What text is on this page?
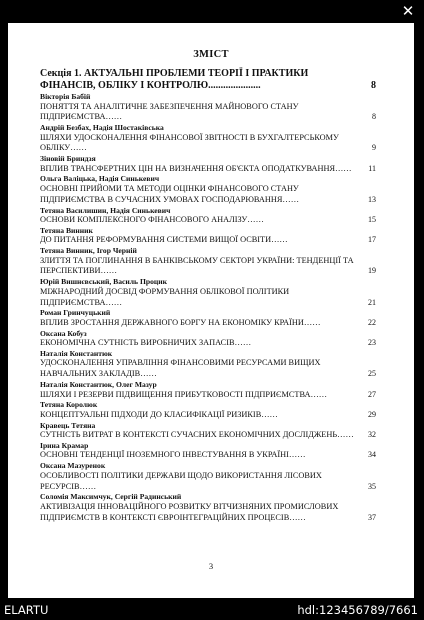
✕
ЗМІСТ
Секція 1. АКТУАЛЬНІ ПРОБЛЕМИ ТЕОРІЇ І ПРАКТИКИ ФІНАНСІВ, ОБЛІКУ І КОНТРОЛЮ.....................	8
Вікторія Бабій
ПОНЯТТЯ ТА АНАЛІТИЧНЕ ЗАБЕЗПЕЧЕННЯ МАЙНОВОГО СТАНУ ПІДПРИЄМСТВА……	8
Андрій Безбах, Надія Шостаківська
ШЛЯХИ УДОСКОНАЛЕННЯ ФІНАНСОВОЇ ЗВІТНОСТІ В БУХГАЛТЕРСЬКОМУ ОБЛІКУ……	9
Зіновій Бриндзя
ВПЛИВ ТРАНСФЕРТНИХ ЦІН НА ВИЗНАЧЕННЯ ОБ'ЄКТА ОПОДАТКУВАННЯ…… 11
Ольга Валіцька, Надія Синькевич
ОСНОВНІ ПРИЙОМИ ТА МЕТОДИ ОЦІНКИ ФІНАНСОВОГО СТАНУ ПІДПРИЄМСТВА В СУЧАСНИХ УМОВАХ ГОСПОДАРЮВАННЯ……	13
Тетяна Василишин, Надія Синькевич
ОСНОВИ КОМПЛЕКСНОГО ФІНАНСОВОГО АНАЛІЗУ……	15
Тетяна Винник
ДО ПИТАННЯ РЕФОРМУВАННЯ СИСТЕМИ ВИЩОЇ ОСВІТИ……	17
Тетяна Винник, Ігор Черній
ЗЛИТТЯ ТА ПОГЛИНАННЯ В БАНКІВСЬКОМУ СЕКТОРІ УКРАЇНИ: ТЕНДЕНЦІЇ ТА ПЕРСПЕКТИВИ……	19
Юрій Вишнєвський, Василь Процик
МІЖНАРОДНИЙ ДОСВІД ФОРМУВАННЯ ОБЛІКОВОЇ ПОЛІТИКИ ПІДПРИЄМСТВА……	21
Роман Гринчуцький
ВПЛИВ ЗРОСТАННЯ ДЕРЖАВНОГО БОРГУ НА ЕКОНОМІКУ КРАЇНИ……	22
Оксана Кобуз
ЕКОНОМІЧНА СУТНІСТЬ ВИРОБНИЧИХ ЗАПАСІВ……	23
Наталія Константюк
УДОСКОНАЛЕННЯ УПРАВЛІННЯ ФІНАНСОВИМИ РЕСУРСАМИ ВИЩИХ НАВЧАЛЬНИХ ЗАКЛАДІВ……	25
Наталія Константюк, Олег Мазур
ШЛЯХИ І РЕЗЕРВИ ПІДВИЩЕННЯ ПРИБУТКОВОСТІ ПІДПРИЄМСТВА……	27
Тетяна Королюк
КОНЦЕПТУАЛЬНІ ПІДХОДИ ДО КЛАСИФІКАЦІЇ РИЗИКІВ……	29
Кравець Тетяна
СУТНІСТЬ ВИТРАТ В КОНТЕКСТІ СУЧАСНИХ ЕКОНОМІЧНИХ ДОСЛІДЖЕНЬ…… 32
Ірина Крамар
ОСНОВНІ ТЕНДЕНЦІЇ ІНОЗЕМНОГО ІНВЕСТУВАННЯ В УКРАЇНІ……	34
Оксана Мазуренок
ОСОБЛИВОСТІ ПОЛІТИКИ ДЕРЖАВИ ЩОДО ВИКОРИСТАННЯ ЛІСОВИХ РЕСУРСІВ……	35
Соломія Максимчук, Сергій Радинський
АКТИВІЗАЦІЯ ІННОВАЦІЙНОГО РОЗВИТКУ ВІТЧИЗНЯНИХ ПРОМИСЛОВИХ ПІДПРИЄМСТВ В КОНТЕКСТІ ЄВРОІНТЕГРАЦІЙНИХ ПРОЦЕСІВ……	37
3
ELARTU	hdl:123456789/7661
